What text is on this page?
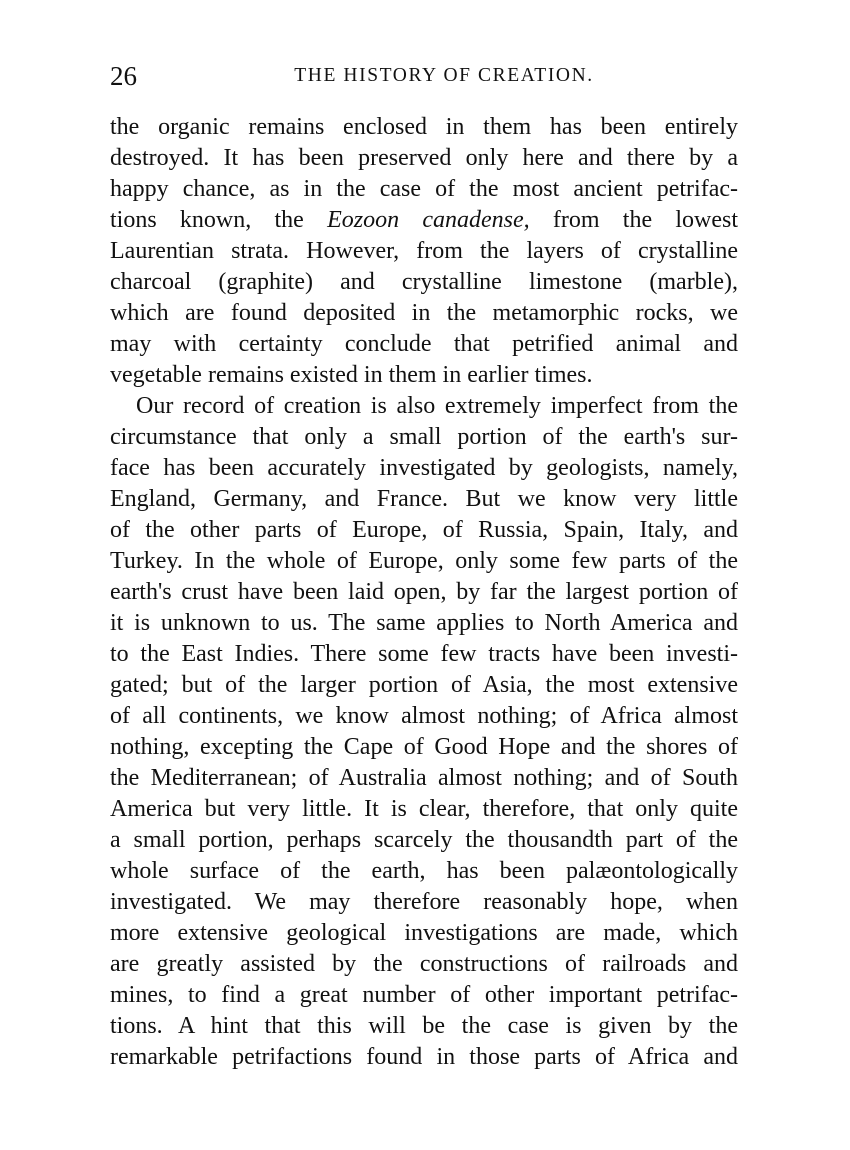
26	THE HISTORY OF CREATION.
the organic remains enclosed in them has been entirely
destroyed. It has been preserved only here and there by a
happy chance, as in the case of the most ancient petrifac-
tions known, the Eozoon canadense, from the lowest
Laurentian strata. However, from the layers of crystalline
charcoal (graphite) and crystalline limestone (marble),
which are found deposited in the metamorphic rocks, we
may with certainty conclude that petrified animal and
vegetable remains existed in them in earlier times.
Our record of creation is also extremely imperfect from the
circumstance that only a small portion of the earth's sur-
face has been accurately investigated by geologists, namely,
England, Germany, and France. But we know very little
of the other parts of Europe, of Russia, Spain, Italy, and
Turkey. In the whole of Europe, only some few parts of the
earth's crust have been laid open, by far the largest portion of
it is unknown to us. The same applies to North America and
to the East Indies. There some few tracts have been investi-
gated; but of the larger portion of Asia, the most extensive
of all continents, we know almost nothing; of Africa almost
nothing, excepting the Cape of Good Hope and the shores of
the Mediterranean; of Australia almost nothing; and of South
America but very little. It is clear, therefore, that only quite
a small portion, perhaps scarcely the thousandth part of the
whole surface of the earth, has been palæontologically
investigated. We may therefore reasonably hope, when
more extensive geological investigations are made, which
are greatly assisted by the constructions of railroads and
mines, to find a great number of other important petrifac-
tions. A hint that this will be the case is given by the
remarkable petrifactions found in those parts of Africa and
